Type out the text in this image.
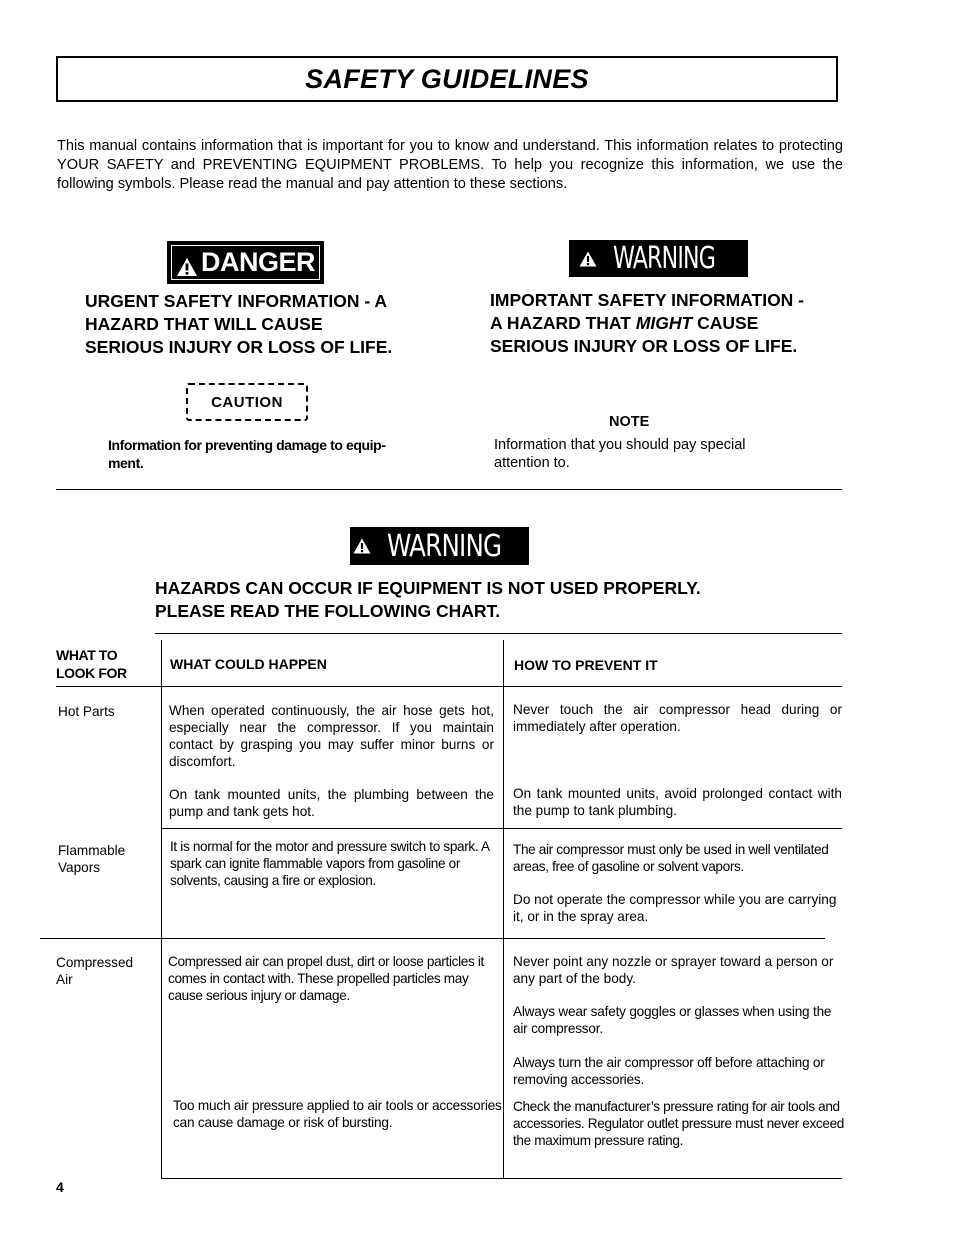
SAFETY GUIDELINES
This manual contains information that is important for you to know and understand. This information relates to protecting YOUR SAFETY and PREVENTING EQUIPMENT PROBLEMS. To help you recognize this information, we use the following symbols. Please read the manual and pay attention to these sections.
DANGER
URGENT SAFETY INFORMATION - A
HAZARD THAT WILL CAUSE
SERIOUS INJURY OR LOSS OF LIFE.
WARNING
IMPORTANT SAFETY INFORMATION -
A HAZARD THAT MIGHT CAUSE
SERIOUS INJURY OR LOSS OF LIFE.
CAUTION
Information for preventing damage to equip-
ment.
NOTE
Information that you should pay special
attention to.
WARNING
HAZARDS CAN OCCUR IF EQUIPMENT IS NOT USED PROPERLY.
PLEASE READ THE FOLLOWING CHART.
WHAT TO
LOOK FOR
WHAT COULD HAPPEN	HOW TO PREVENT IT
Hot Parts	When operated continuously, the air hose gets hot, especially near the compressor. If you maintain contact by grasping you may suffer minor burns or discomfort.
On tank mounted units, the plumbing between the pump and tank gets hot.
Never touch the air compressor head during or immediately after operation.
On tank mounted units, avoid prolonged contact with the pump to tank plumbing.
Flammable
Vapors
It is normal for the motor and pressure switch to spark. A spark can ignite flammable vapors from gasoline or solvents, causing a fire or explosion.
The air compressor must only be used in well ventilated areas, free of gasoline or solvent vapors.
Do not operate the compressor while you are carrying it, or in the spray area.
Compressed
Air
Compressed air can propel dust, dirt or loose particles it comes in contact with. These propelled particles may cause serious injury or damage.
Too much air pressure applied to air tools or accessories can cause damage or risk of bursting.
Never point any nozzle or sprayer toward a person or any part of the body.
Always wear safety goggles or glasses when using the air compressor.
Always turn the air compressor off before attaching or removing accessories.
Check the manufacturer’s pressure rating for air tools and accessories. Regulator outlet pressure must never exceed the maximum pressure rating.
4
